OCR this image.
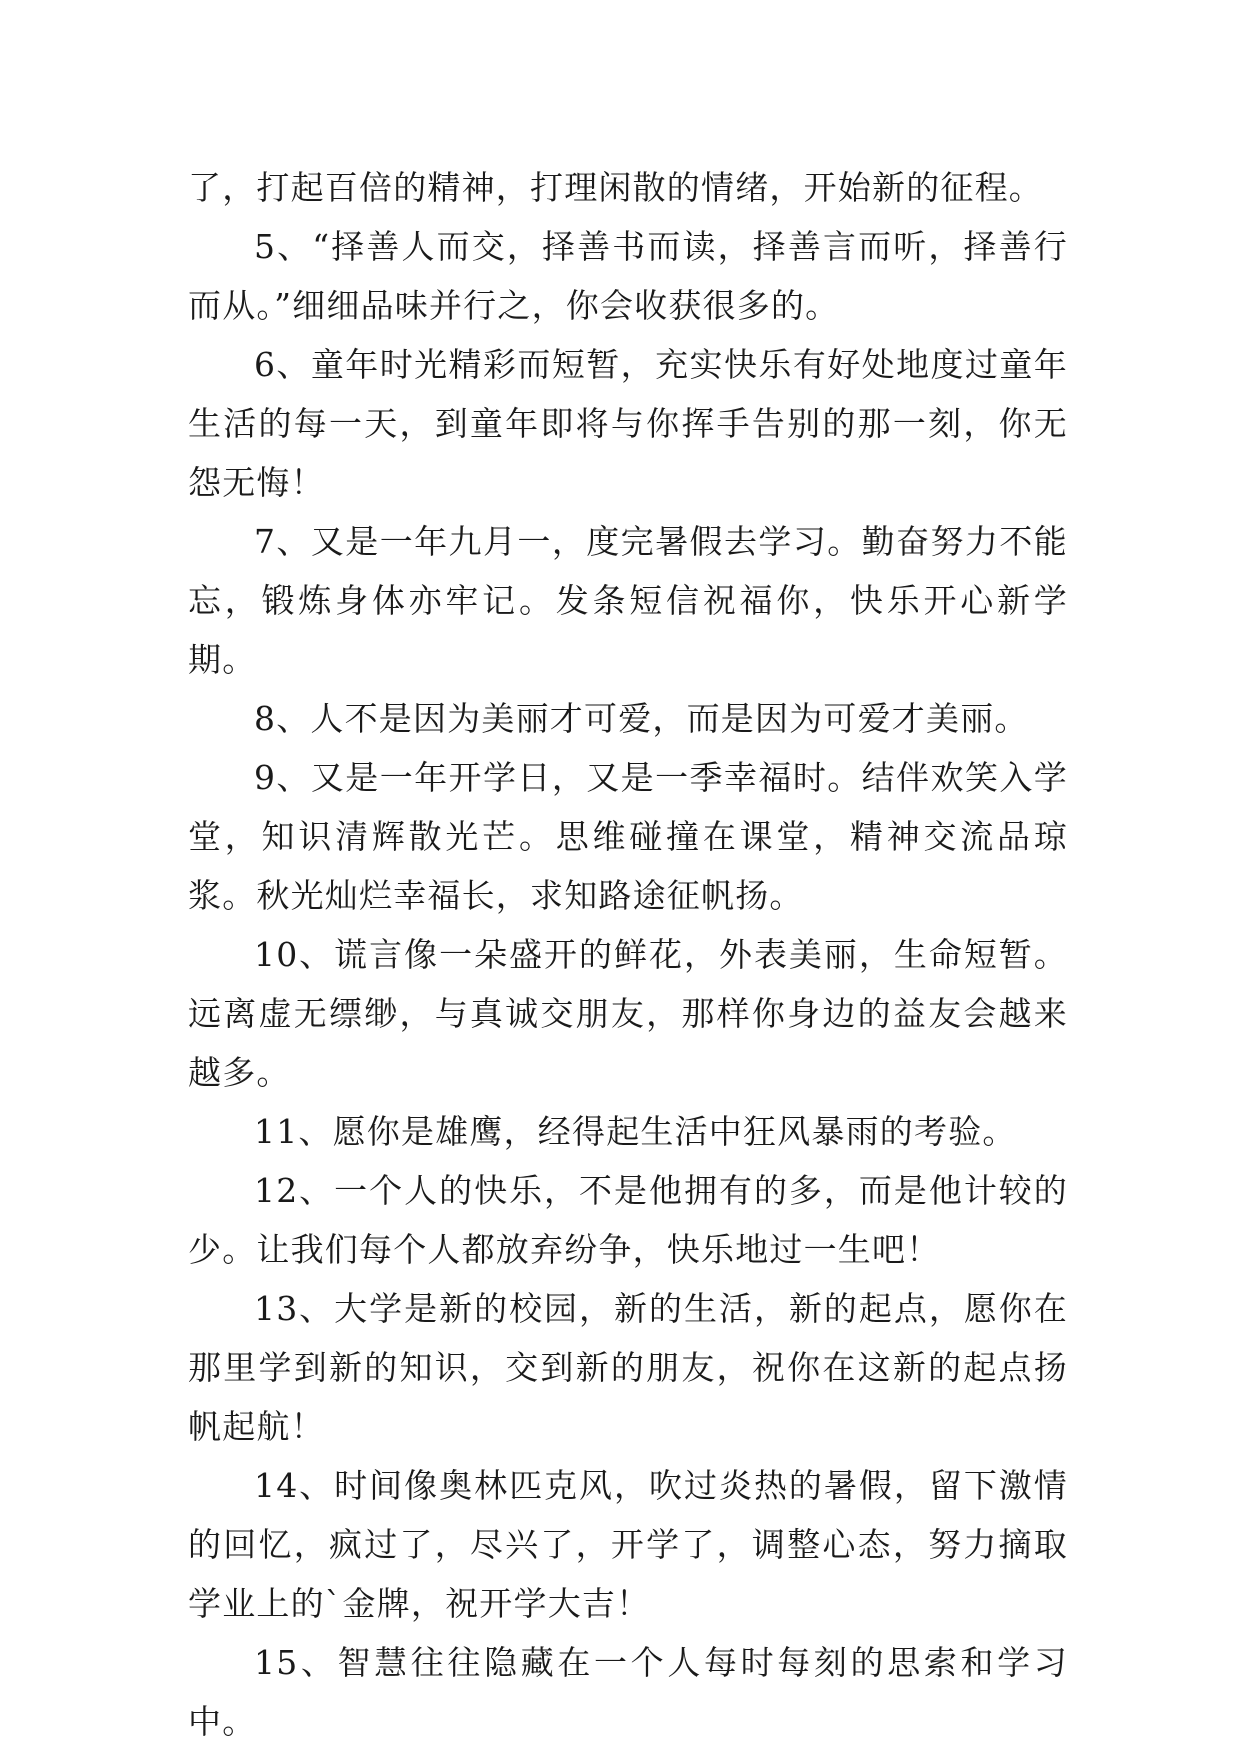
了，打起百倍的精神，打理闲散的情绪，开始新的征程。

5、“择善人而交，择善书而读，择善言而听，择善行而从。”细细品味并行之，你会收获很多的。

6、童年时光精彩而短暂，充实快乐有好处地度过童年生活的每一天，到童年即将与你挥手告别的那一刻，你无怨无悔！

7、又是一年九月一，度完暑假去学习。勤奋努力不能忘，锻炼身体亦牢记。发条短信祝福你，快乐开心新学期。

8、人不是因为美丽才可爱，而是因为可爱才美丽。

9、又是一年开学日，又是一季幸福时。结伴欢笑入学堂，知识清辉散光芒。思维碰撞在课堂，精神交流品琼浆。秋光灿烂幸福长，求知路途征帆扬。

10、谎言像一朵盛开的鲜花，外表美丽，生命短暂。远离虚无缥缈，与真诚交朋友，那样你身边的益友会越来越多。

11、愿你是雄鹰，经得起生活中狂风暴雨的考验。

12、一个人的快乐，不是他拥有的多，而是他计较的少。让我们每个人都放弃纷争，快乐地过一生吧！

13、大学是新的校园，新的生活，新的起点，愿你在那里学到新的知识，交到新的朋友，祝你在这新的起点扬帆起航！

14、时间像奥林匹克风，吹过炎热的暑假，留下激情的回忆，疯过了，尽兴了，开学了，调整心态，努力摘取学业上的`金牌，祝开学大吉！

15、智慧往往隐藏在一个人每时每刻的思索和学习中。
